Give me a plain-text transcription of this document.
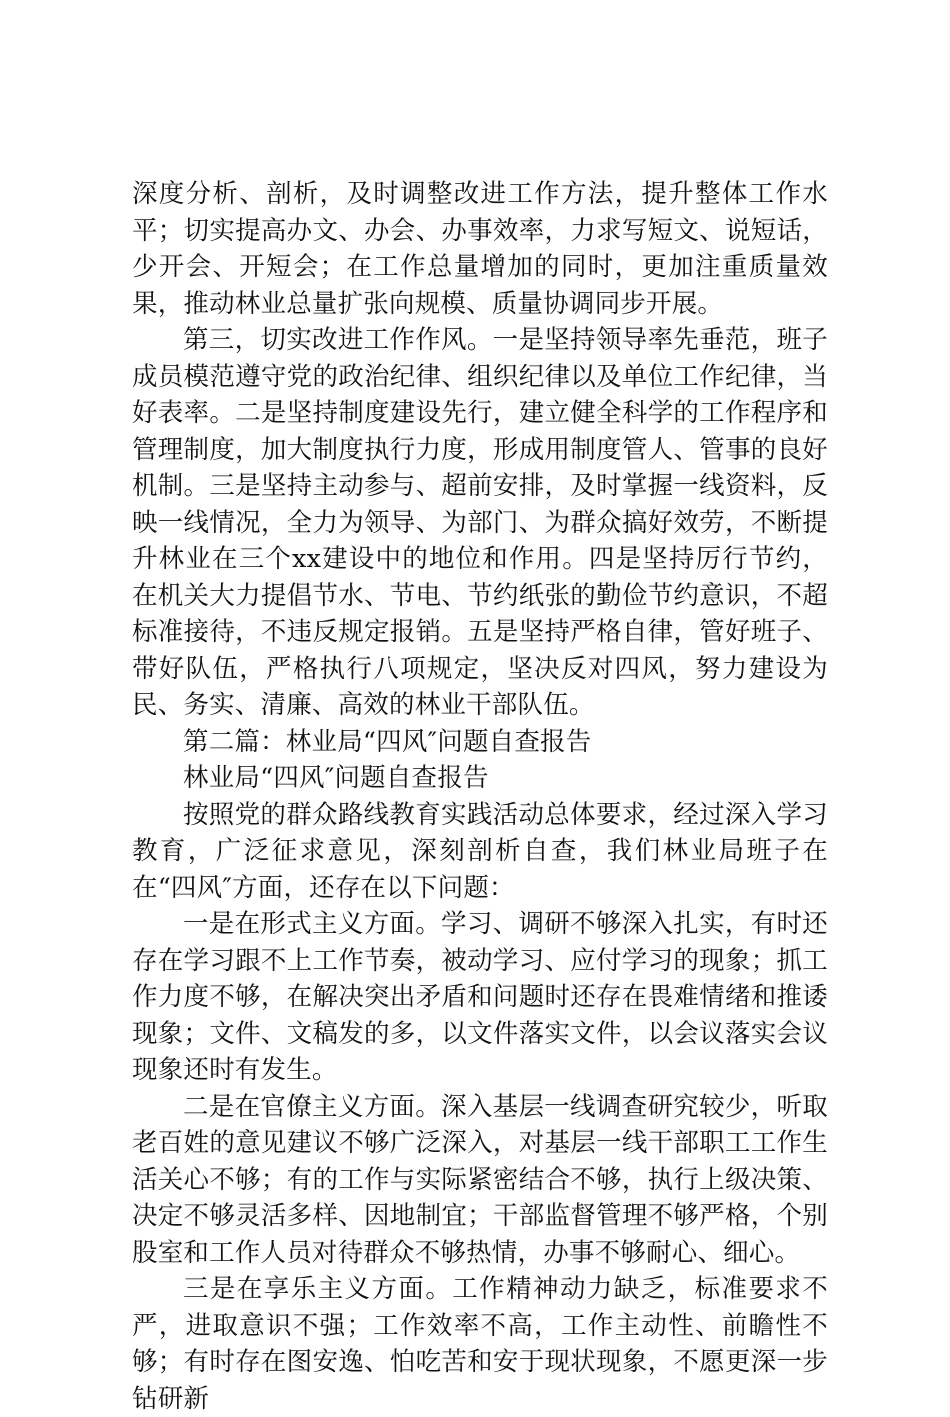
深度分析、剖析，及时调整改进工作方法，提升整体工作水平；切实提高办文、办会、办事效率，力求写短文、说短话，少开会、开短会；在工作总量增加的同时，更加注重质量效果，推动林业总量扩张向规模、质量协调同步开展。

第三，切实改进工作作风。一是坚持领导率先垂范，班子成员模范遵守党的政治纪律、组织纪律以及单位工作纪律，当好表率。二是坚持制度建设先行，建立健全科学的工作程序和管理制度，加大制度执行力度，形成用制度管人、管事的良好机制。三是坚持主动参与、超前安排，及时掌握一线资料，反映一线情况，全力为领导、为部门、为群众搞好效劳，不断提升林业在三个xx建设中的地位和作用。四是坚持厉行节约，在机关大力提倡节水、节电、节约纸张的勤俭节约意识，不超标准接待，不违反规定报销。五是坚持严格自律，管好班子、带好队伍，严格执行八项规定，坚决反对四风，努力建设为民、务实、清廉、高效的林业干部队伍。

第二篇：林业局“四风″问题自查报告

林业局“四风″问题自查报告

按照党的群众路线教育实践活动总体要求，经过深入学习教育，广泛征求意见，深刻剖析自查，我们林业局班子在在“四风″方面，还存在以下问题：

一是在形式主义方面。学习、调研不够深入扎实，有时还存在学习跟不上工作节奏，被动学习、应付学习的现象；抓工作力度不够，在解决突出矛盾和问题时还存在畏难情绪和推诿现象；文件、文稿发的多，以文件落实文件，以会议落实会议现象还时有发生。

二是在官僚主义方面。深入基层一线调查研究较少，听取老百姓的意见建议不够广泛深入，对基层一线干部职工工作生活关心不够；有的工作与实际紧密结合不够，执行上级决策、决定不够灵活多样、因地制宜；干部监督管理不够严格，个别股室和工作人员对待群众不够热情，办事不够耐心、细心。

三是在享乐主义方面。工作精神动力缺乏，标准要求不严，进取意识不强；工作效率不高，工作主动性、前瞻性不够；有时存在图安逸、怕吃苦和安于现状现象，不愿更深一步钻研新
